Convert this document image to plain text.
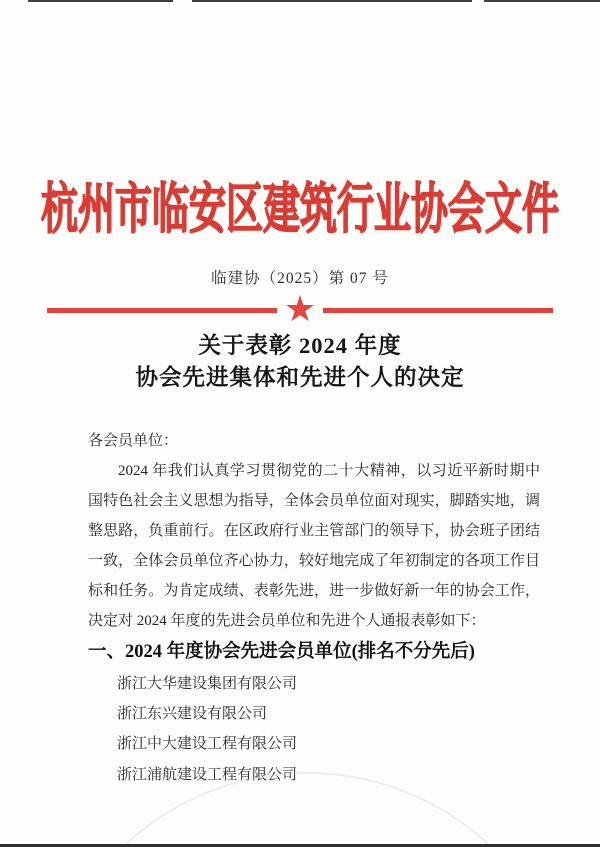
杭州市临安区建筑行业协会文件
临建协（2025）第 07 号
★
关于表彰 2024 年度
协会先进集体和先进个人的决定

各会员单位：

2024 年我们认真学习贯彻党的二十大精神，以习近平新时期中国特色社会主义思想为指导，全体会员单位面对现实，脚踏实地，调整思路，负重前行。在区政府行业主管部门的领导下，协会班子团结一致，全体会员单位齐心协力，较好地完成了年初制定的各项工作目标和任务。为肯定成绩、表彰先进，进一步做好新一年的协会工作，决定对 2024 年度的先进会员单位和先进个人通报表彰如下：

一、2024 年度协会先进会员单位(排名不分先后)
浙江大华建设集团有限公司
浙江东兴建设有限公司
浙江中大建设工程有限公司
浙江浦航建设工程有限公司
